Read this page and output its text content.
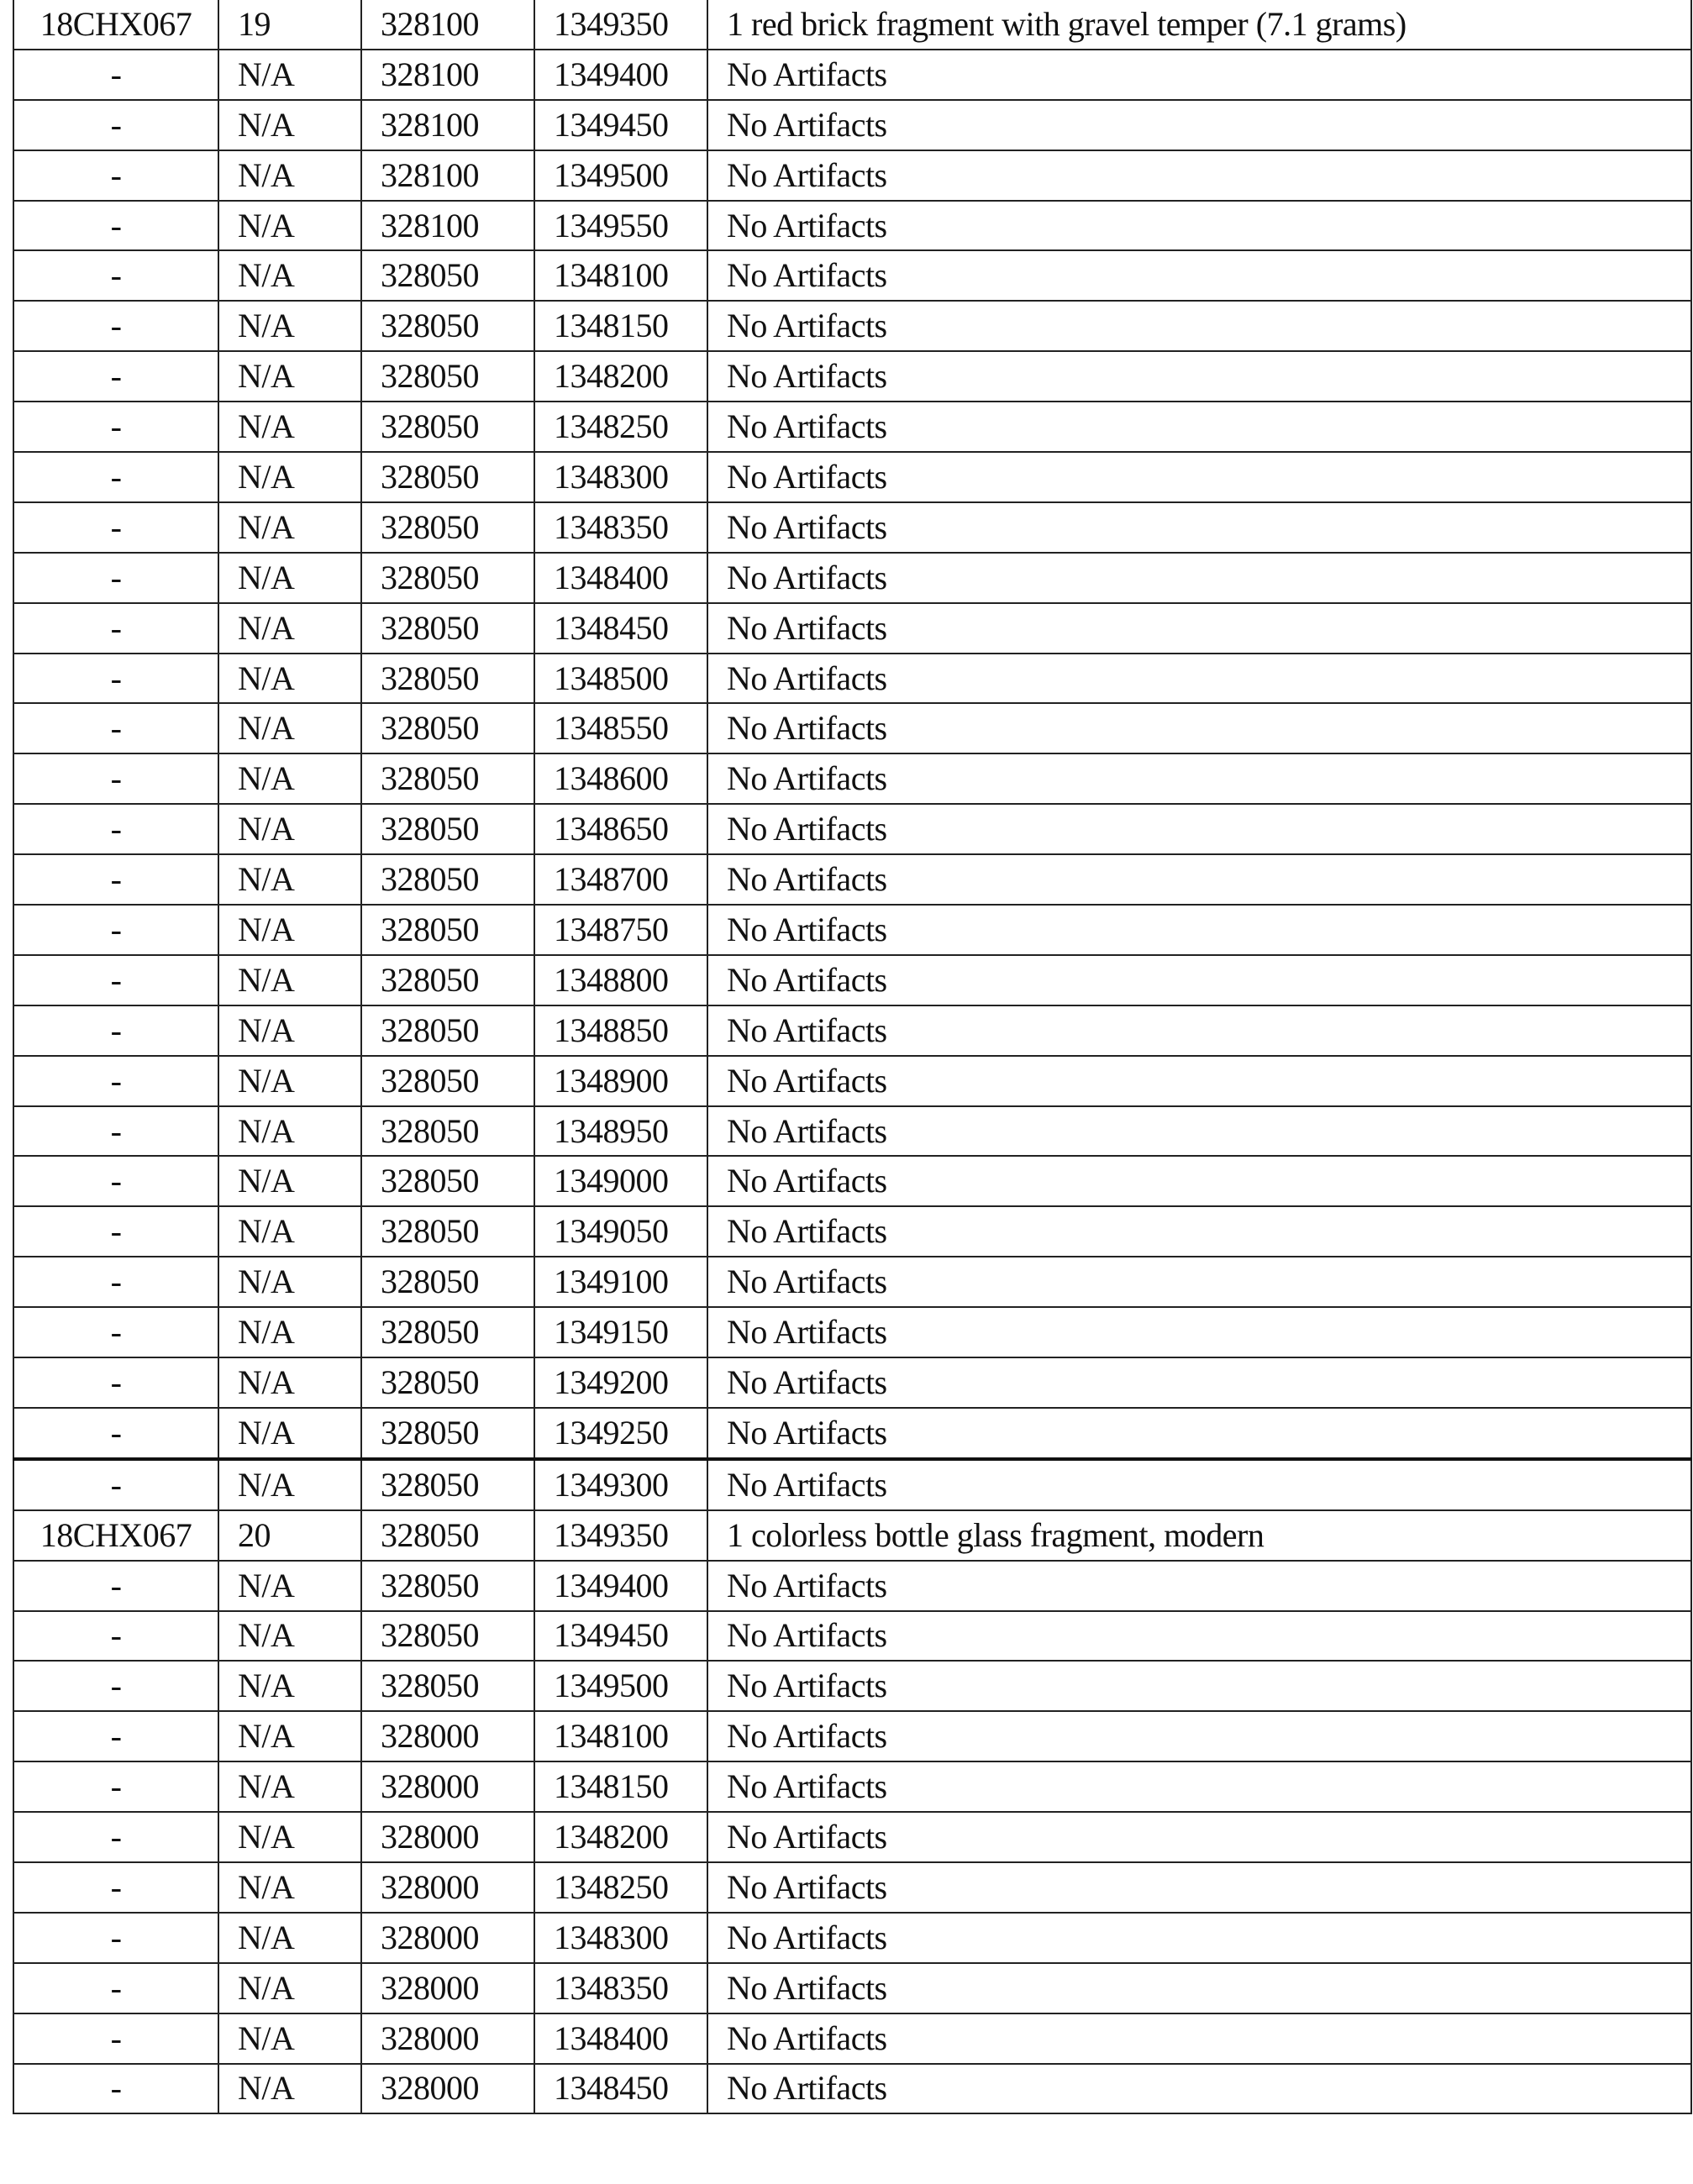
18CHX067	19	328100	1349350	1 red brick fragment with gravel temper (7.1 grams)
-	N/A	328100	1349400	No Artifacts
-	N/A	328100	1349450	No Artifacts
-	N/A	328100	1349500	No Artifacts
-	N/A	328100	1349550	No Artifacts
-	N/A	328050	1348100	No Artifacts
-	N/A	328050	1348150	No Artifacts
-	N/A	328050	1348200	No Artifacts
-	N/A	328050	1348250	No Artifacts
-	N/A	328050	1348300	No Artifacts
-	N/A	328050	1348350	No Artifacts
-	N/A	328050	1348400	No Artifacts
-	N/A	328050	1348450	No Artifacts
-	N/A	328050	1348500	No Artifacts
-	N/A	328050	1348550	No Artifacts
-	N/A	328050	1348600	No Artifacts
-	N/A	328050	1348650	No Artifacts
-	N/A	328050	1348700	No Artifacts
-	N/A	328050	1348750	No Artifacts
-	N/A	328050	1348800	No Artifacts
-	N/A	328050	1348850	No Artifacts
-	N/A	328050	1348900	No Artifacts
-	N/A	328050	1348950	No Artifacts
-	N/A	328050	1349000	No Artifacts
-	N/A	328050	1349050	No Artifacts
-	N/A	328050	1349100	No Artifacts
-	N/A	328050	1349150	No Artifacts
-	N/A	328050	1349200	No Artifacts
-	N/A	328050	1349250	No Artifacts
-	N/A	328050	1349300	No Artifacts
18CHX067	20	328050	1349350	1 colorless bottle glass fragment, modern
-	N/A	328050	1349400	No Artifacts
-	N/A	328050	1349450	No Artifacts
-	N/A	328050	1349500	No Artifacts
-	N/A	328000	1348100	No Artifacts
-	N/A	328000	1348150	No Artifacts
-	N/A	328000	1348200	No Artifacts
-	N/A	328000	1348250	No Artifacts
-	N/A	328000	1348300	No Artifacts
-	N/A	328000	1348350	No Artifacts
-	N/A	328000	1348400	No Artifacts
-	N/A	328000	1348450	No Artifacts
